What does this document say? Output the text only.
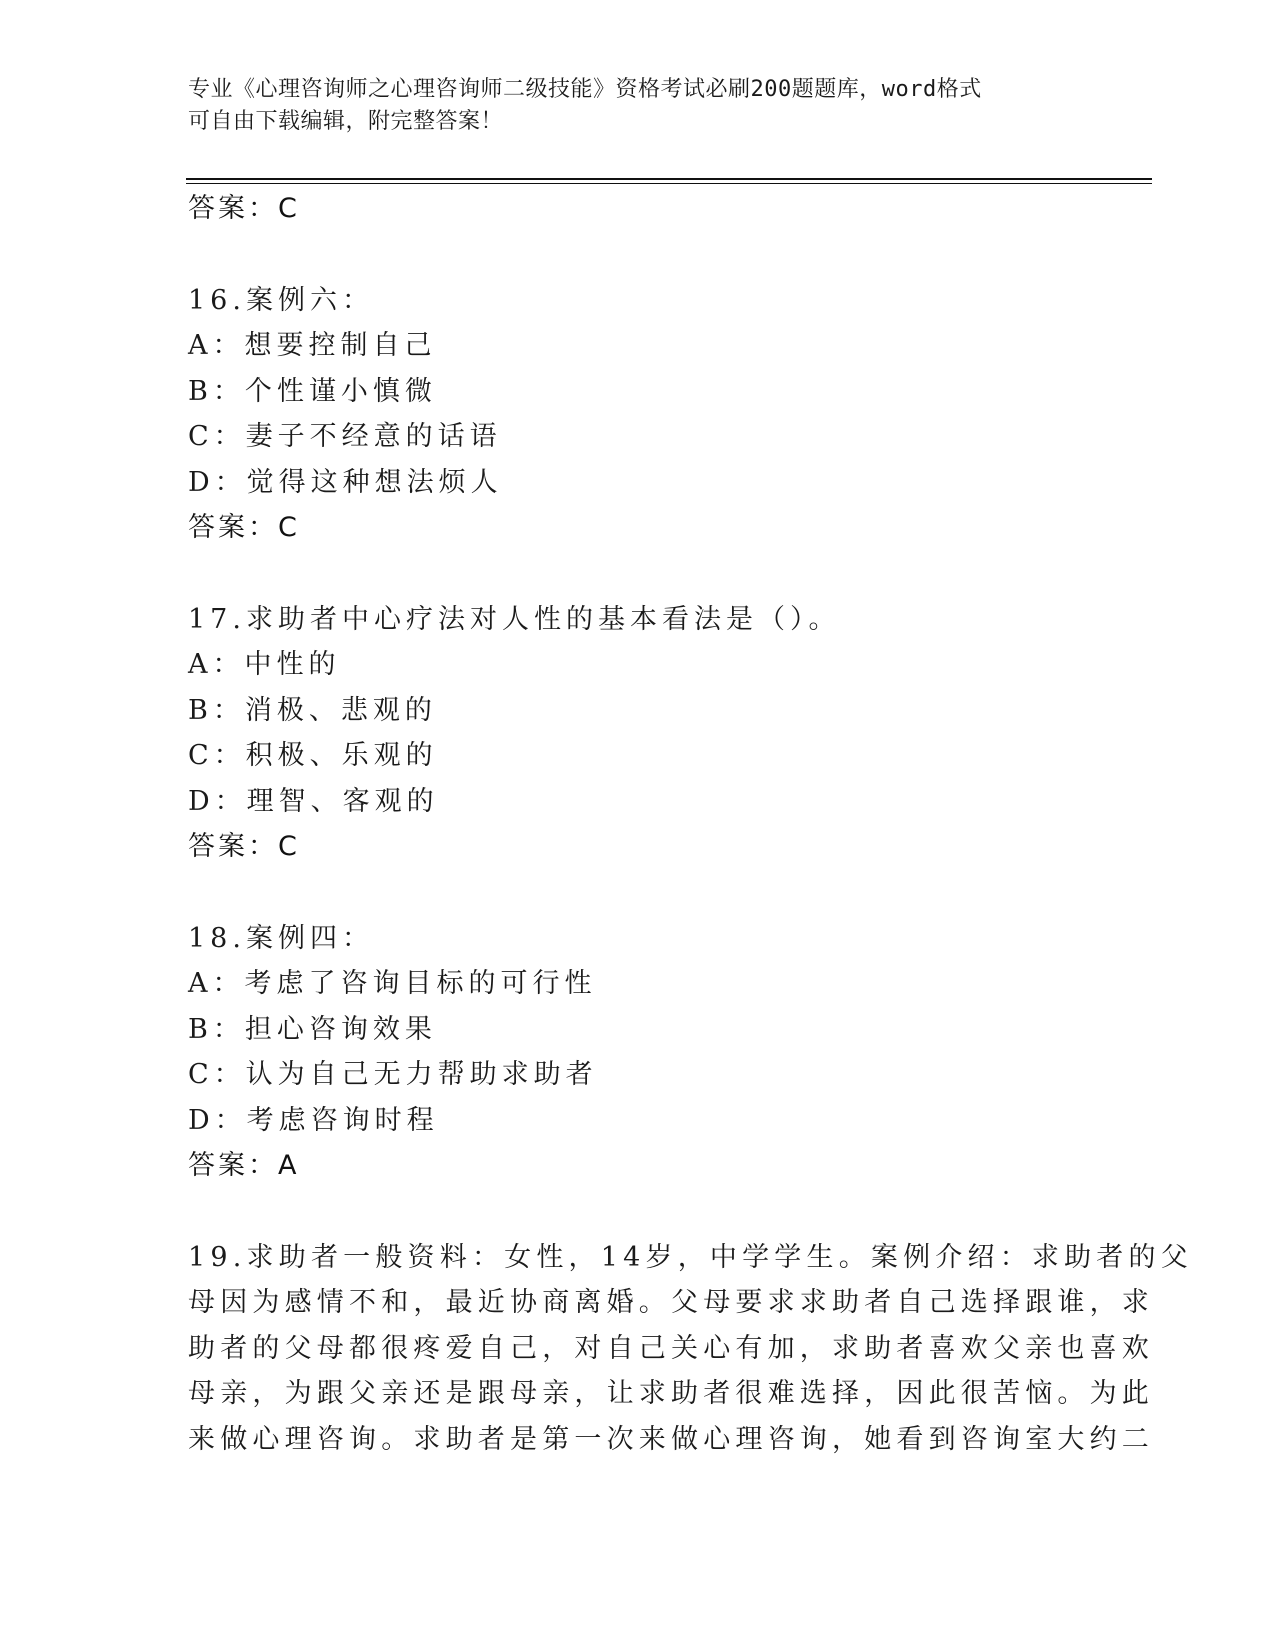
专业《心理咨询师之心理咨询师二级技能》资格考试必刷200题题库，word格式
可自由下载编辑，附完整答案！
答案：C
16.案例六：
A：想要控制自己
B：个性谨小慎微
C：妻子不经意的话语
D：觉得这种想法烦人
答案：C
17.求助者中心疗法对人性的基本看法是（）。
A：中性的
B：消极、悲观的
C：积极、乐观的
D：理智、客观的
答案：C
18.案例四：
A：考虑了咨询目标的可行性
B：担心咨询效果
C：认为自己无力帮助求助者
D：考虑咨询时程
答案：A
19.求助者一般资料：女性，14岁，中学学生。案例介绍：求助者的父
母因为感情不和，最近协商离婚。父母要求求助者自己选择跟谁，求
助者的父母都很疼爱自己，对自己关心有加，求助者喜欢父亲也喜欢
母亲，为跟父亲还是跟母亲，让求助者很难选择，因此很苦恼。为此
来做心理咨询。求助者是第一次来做心理咨询，她看到咨询室大约二
